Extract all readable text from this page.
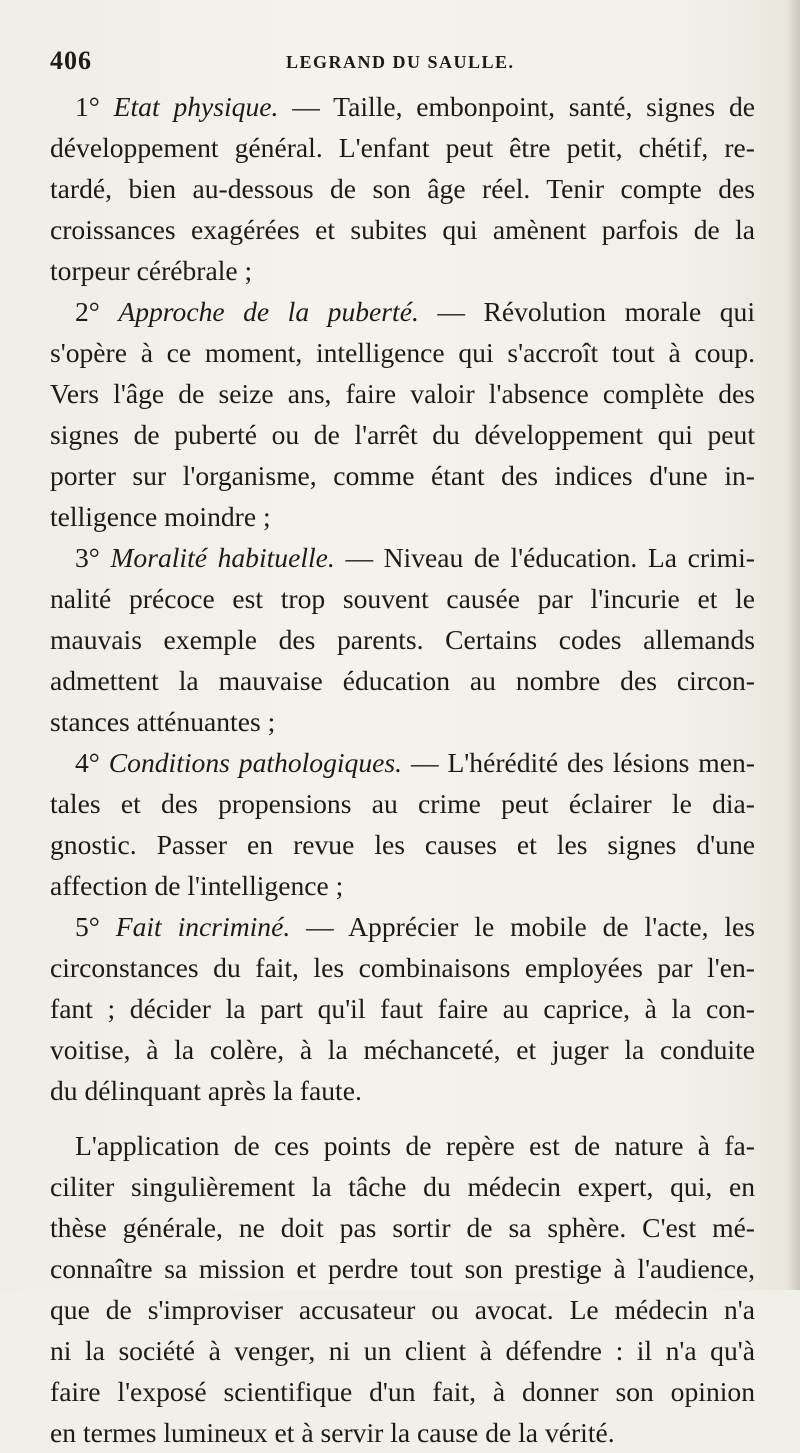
406	LEGRAND DU SAULLE.
1° Etat physique. — Taille, embonpoint, santé, signes de
développement général. L'enfant peut être petit, chétif, re-
tardé, bien au-dessous de son âge réel. Tenir compte des
croissances exagérées et subites qui amènent parfois de la
torpeur cérébrale ;
2° Approche de la puberté. — Révolution morale qui
s'opère à ce moment, intelligence qui s'accroît tout à coup.
Vers l'âge de seize ans, faire valoir l'absence complète des
signes de puberté ou de l'arrêt du développement qui peut
porter sur l'organisme, comme étant des indices d'une in-
telligence moindre ;
3° Moralité habituelle. — Niveau de l'éducation. La crimi-
nalité précoce est trop souvent causée par l'incurie et le
mauvais exemple des parents. Certains codes allemands
admettent la mauvaise éducation au nombre des circon-
stances atténuantes ;
4° Conditions pathologiques. — L'hérédité des lésions men-
tales et des propensions au crime peut éclairer le dia-
gnostic. Passer en revue les causes et les signes d'une
affection de l'intelligence ;
5° Fait incriminé. — Apprécier le mobile de l'acte, les
circonstances du fait, les combinaisons employées par l'en-
fant ; décider la part qu'il faut faire au caprice, à la con-
voitise, à la colère, à la méchanceté, et juger la conduite
du délinquant après la faute.
L'application de ces points de repère est de nature à fa-
ciliter singulièrement la tâche du médecin expert, qui, en
thèse générale, ne doit pas sortir de sa sphère. C'est mé-
connaître sa mission et perdre tout son prestige à l'audience,
que de s'improviser accusateur ou avocat. Le médecin n'a
ni la société à venger, ni un client à défendre : il n'a qu'à
faire l'exposé scientifique d'un fait, à donner son opinion
en termes lumineux et à servir la cause de la vérité.
